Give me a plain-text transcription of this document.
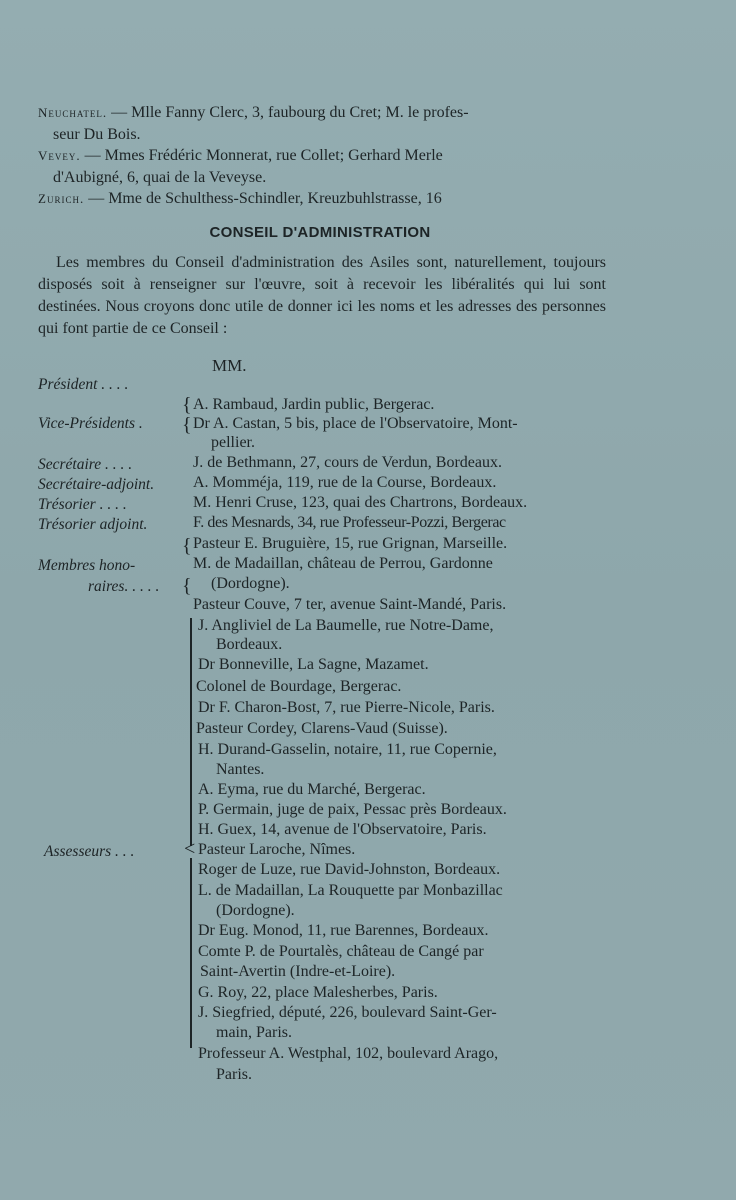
Neuchatel. — Mlle Fanny Clerc, 3, faubourg du Cret; M. le profes-
seur Du Bois.
Vevey. — Mmes Frédéric Monnerat, rue Collet; Gerhard Merle
d'Aubigné, 6, quai de la Veveyse.
Zurich. — Mme de Schulthess-Schindler, Kreuzbuhlstrasse, 16
CONSEIL D'ADMINISTRATION
Les membres du Conseil d'administration des Asiles sont, naturellement, toujours disposés soit à renseigner sur l'œuvre, soit à recevoir les libéralités qui lui sont destinées. Nous croyons donc utile de donner ici les noms et les adresses des personnes qui font partie de ce Conseil :
MM.
Président . . . .
Vice-Présidents .
Secrétaire . . . .
Secrétaire-adjoint.
Trésorier . . . .
Trésorier adjoint.
Membres hono-
raires. . . . .
Assesseurs . . .
{
{
{
{
<
A. Rambaud, Jardin public, Bergerac.
Dr A. Castan, 5 bis, place de l'Observatoire, Mont-
pellier.
J. de Bethmann, 27, cours de Verdun, Bordeaux.
A. Momméja, 119, rue de la Course, Bordeaux.
M. Henri Cruse, 123, quai des Chartrons, Bordeaux.
F. des Mesnards, 34, rue Professeur-Pozzi, Bergerac
Pasteur E. Bruguière, 15, rue Grignan, Marseille.
M. de Madaillan, château de Perrou, Gardonne
(Dordogne).
Pasteur Couve, 7 ter, avenue Saint-Mandé, Paris.
J. Angliviel de La Baumelle, rue Notre-Dame,
Bordeaux.
Dr Bonneville, La Sagne, Mazamet.
Colonel de Bourdage, Bergerac.
Dr F. Charon-Bost, 7, rue Pierre-Nicole, Paris.
Pasteur Cordey, Clarens-Vaud (Suisse).
H. Durand-Gasselin, notaire, 11, rue Copernie,
Nantes.
A. Eyma, rue du Marché, Bergerac.
P. Germain, juge de paix, Pessac près Bordeaux.
H. Guex, 14, avenue de l'Observatoire, Paris.
Pasteur Laroche, Nîmes.
Roger de Luze, rue David-Johnston, Bordeaux.
L. de Madaillan, La Rouquette par Monbazillac
(Dordogne).
Dr Eug. Monod, 11, rue Barennes, Bordeaux.
Comte P. de Pourtalès, château de Cangé par
Saint-Avertin (Indre-et-Loire).
G. Roy, 22, place Malesherbes, Paris.
J. Siegfried, député, 226, boulevard Saint-Ger-
main, Paris.
Professeur A. Westphal, 102, boulevard Arago,
Paris.
